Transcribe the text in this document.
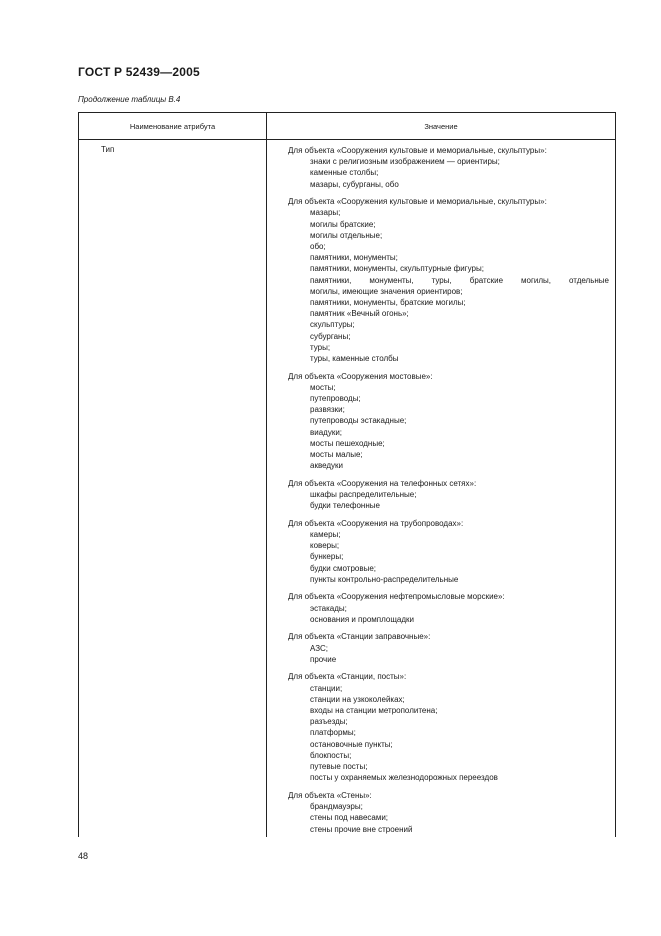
ГОСТ Р 52439—2005
Продолжение таблицы В.4
Наименование атрибута	Значение
Тип	Для объекта «Сооружения культовые и мемориальные, скульптуры»:
знаки с религиозным изображением — ориентиры;
каменные столбы;
мазары, субурганы, обо
Для объекта «Сооружения культовые и мемориальные, скульптуры»:
мазары;
могилы братские;
могилы отдельные;
обо;
памятники, монументы;
памятники, монументы, скульптурные фигуры;
памятники, монументы, туры, братские могилы, отдельные
могилы, имеющие значения ориентиров;
памятники, монументы, братские могилы;
памятник «Вечный огонь»;
скульптуры;
субурганы;
туры;
туры, каменные столбы
Для объекта «Сооружения мостовые»:
мосты;
путепроводы;
развязки;
путепроводы эстакадные;
виадуки;
мосты пешеходные;
мосты малые;
акведуки
Для объекта «Сооружения на телефонных сетях»:
шкафы распределительные;
будки телефонные
Для объекта «Сооружения на трубопроводах»:
камеры;
коверы;
бункеры;
будки смотровые;
пункты контрольно-распределительные
Для объекта «Сооружения нефтепромысловые морские»:
эстакады;
основания и промплощадки
Для объекта «Станции заправочные»:
АЗС;
прочие
Для объекта «Станции, посты»:
станции;
станции на узкоколейках;
входы на станции метрополитена;
разъезды;
платформы;
остановочные пункты;
блокпосты;
путевые посты;
посты у охраняемых железнодорожных переездов
Для объекта «Стены»:
брандмауэры;
стены под навесами;
стены прочие вне строений
48
